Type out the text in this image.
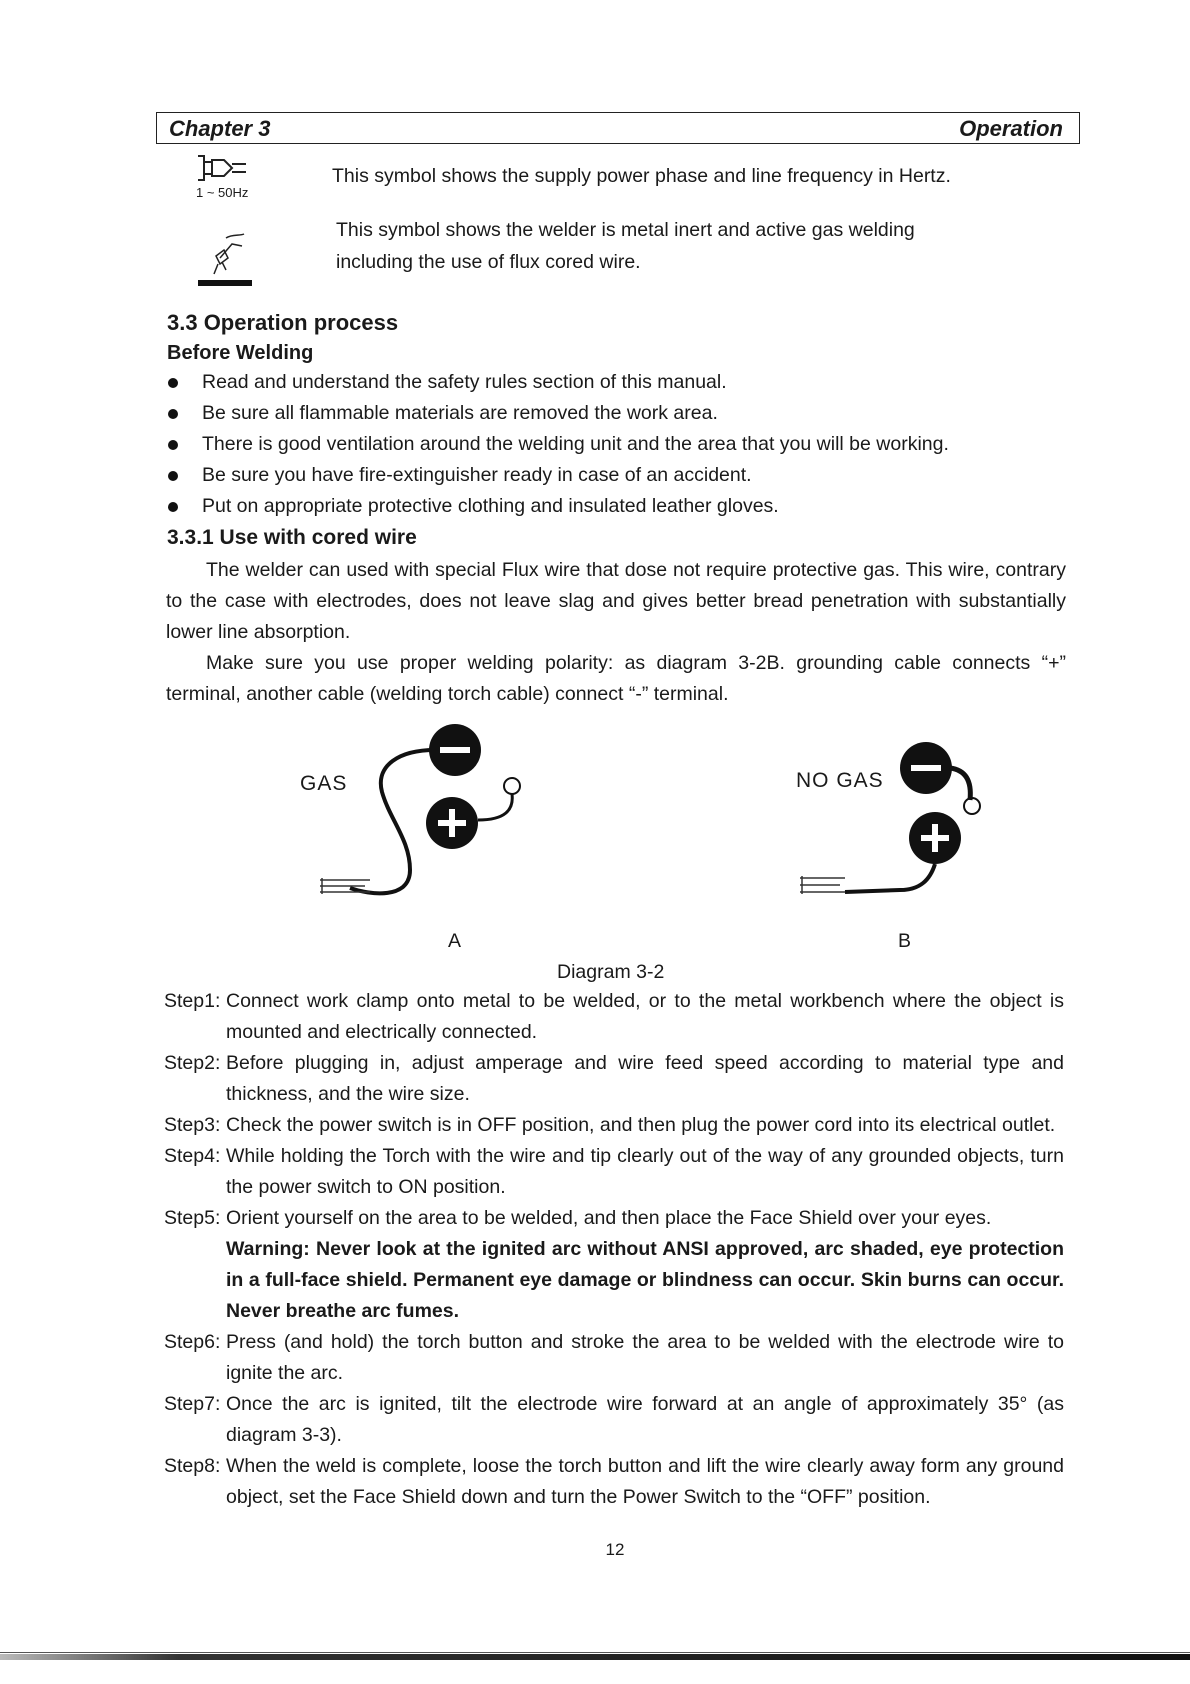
Chapter 3	Operation
1 ~ 50Hz
This symbol shows the supply power phase and line frequency in Hertz.
This symbol shows the welder is metal inert and active gas welding
including the use of flux cored wire.
3.3 Operation process
Before Welding
Read and understand the safety rules section of this manual.
Be sure all flammable materials are removed the work area.
There is good ventilation around the welding unit and the area that you will be working.
Be sure you have fire-extinguisher ready in case of an accident.
Put on appropriate protective clothing and insulated leather gloves.
3.3.1 Use with cored wire

The welder can used with special Flux wire that dose not require protective gas. This wire, contrary to the case with electrodes, does not leave slag and gives better bread penetration with substantially lower line absorption.

Make sure you use proper welding polarity: as diagram 3-2B. grounding cable connects “+” terminal, another cable (welding torch cable) connect “-” terminal.

GAS	NO GAS
A	B
Diagram 3-2
Step1: Connect work clamp onto metal to be welded, or to the metal workbench where the object is mounted and electrically connected.
Step2: Before plugging in, adjust amperage and wire feed speed according to material type and thickness, and the wire size.
Step3: Check the power switch is in OFF position, and then plug the power cord into its electrical outlet.
Step4: While holding the Torch with the wire and tip clearly out of the way of any grounded objects, turn the power switch to ON position.
Step5: Orient yourself on the area to be welded, and then place the Face Shield over your eyes.
Warning: Never look at the ignited arc without ANSI approved, arc shaded, eye protection in a full-face shield. Permanent eye damage or blindness can occur. Skin burns can occur. Never breathe arc fumes.
Step6: Press (and hold) the torch button and stroke the area to be welded with the electrode wire to ignite the arc.
Step7: Once the arc is ignited, tilt the electrode wire forward at an angle of approximately 35° (as diagram 3-3).
Step8: When the weld is complete, loose the torch button and lift the wire clearly away form any ground object, set the Face Shield down and turn the Power Switch to the “OFF” position.
12
